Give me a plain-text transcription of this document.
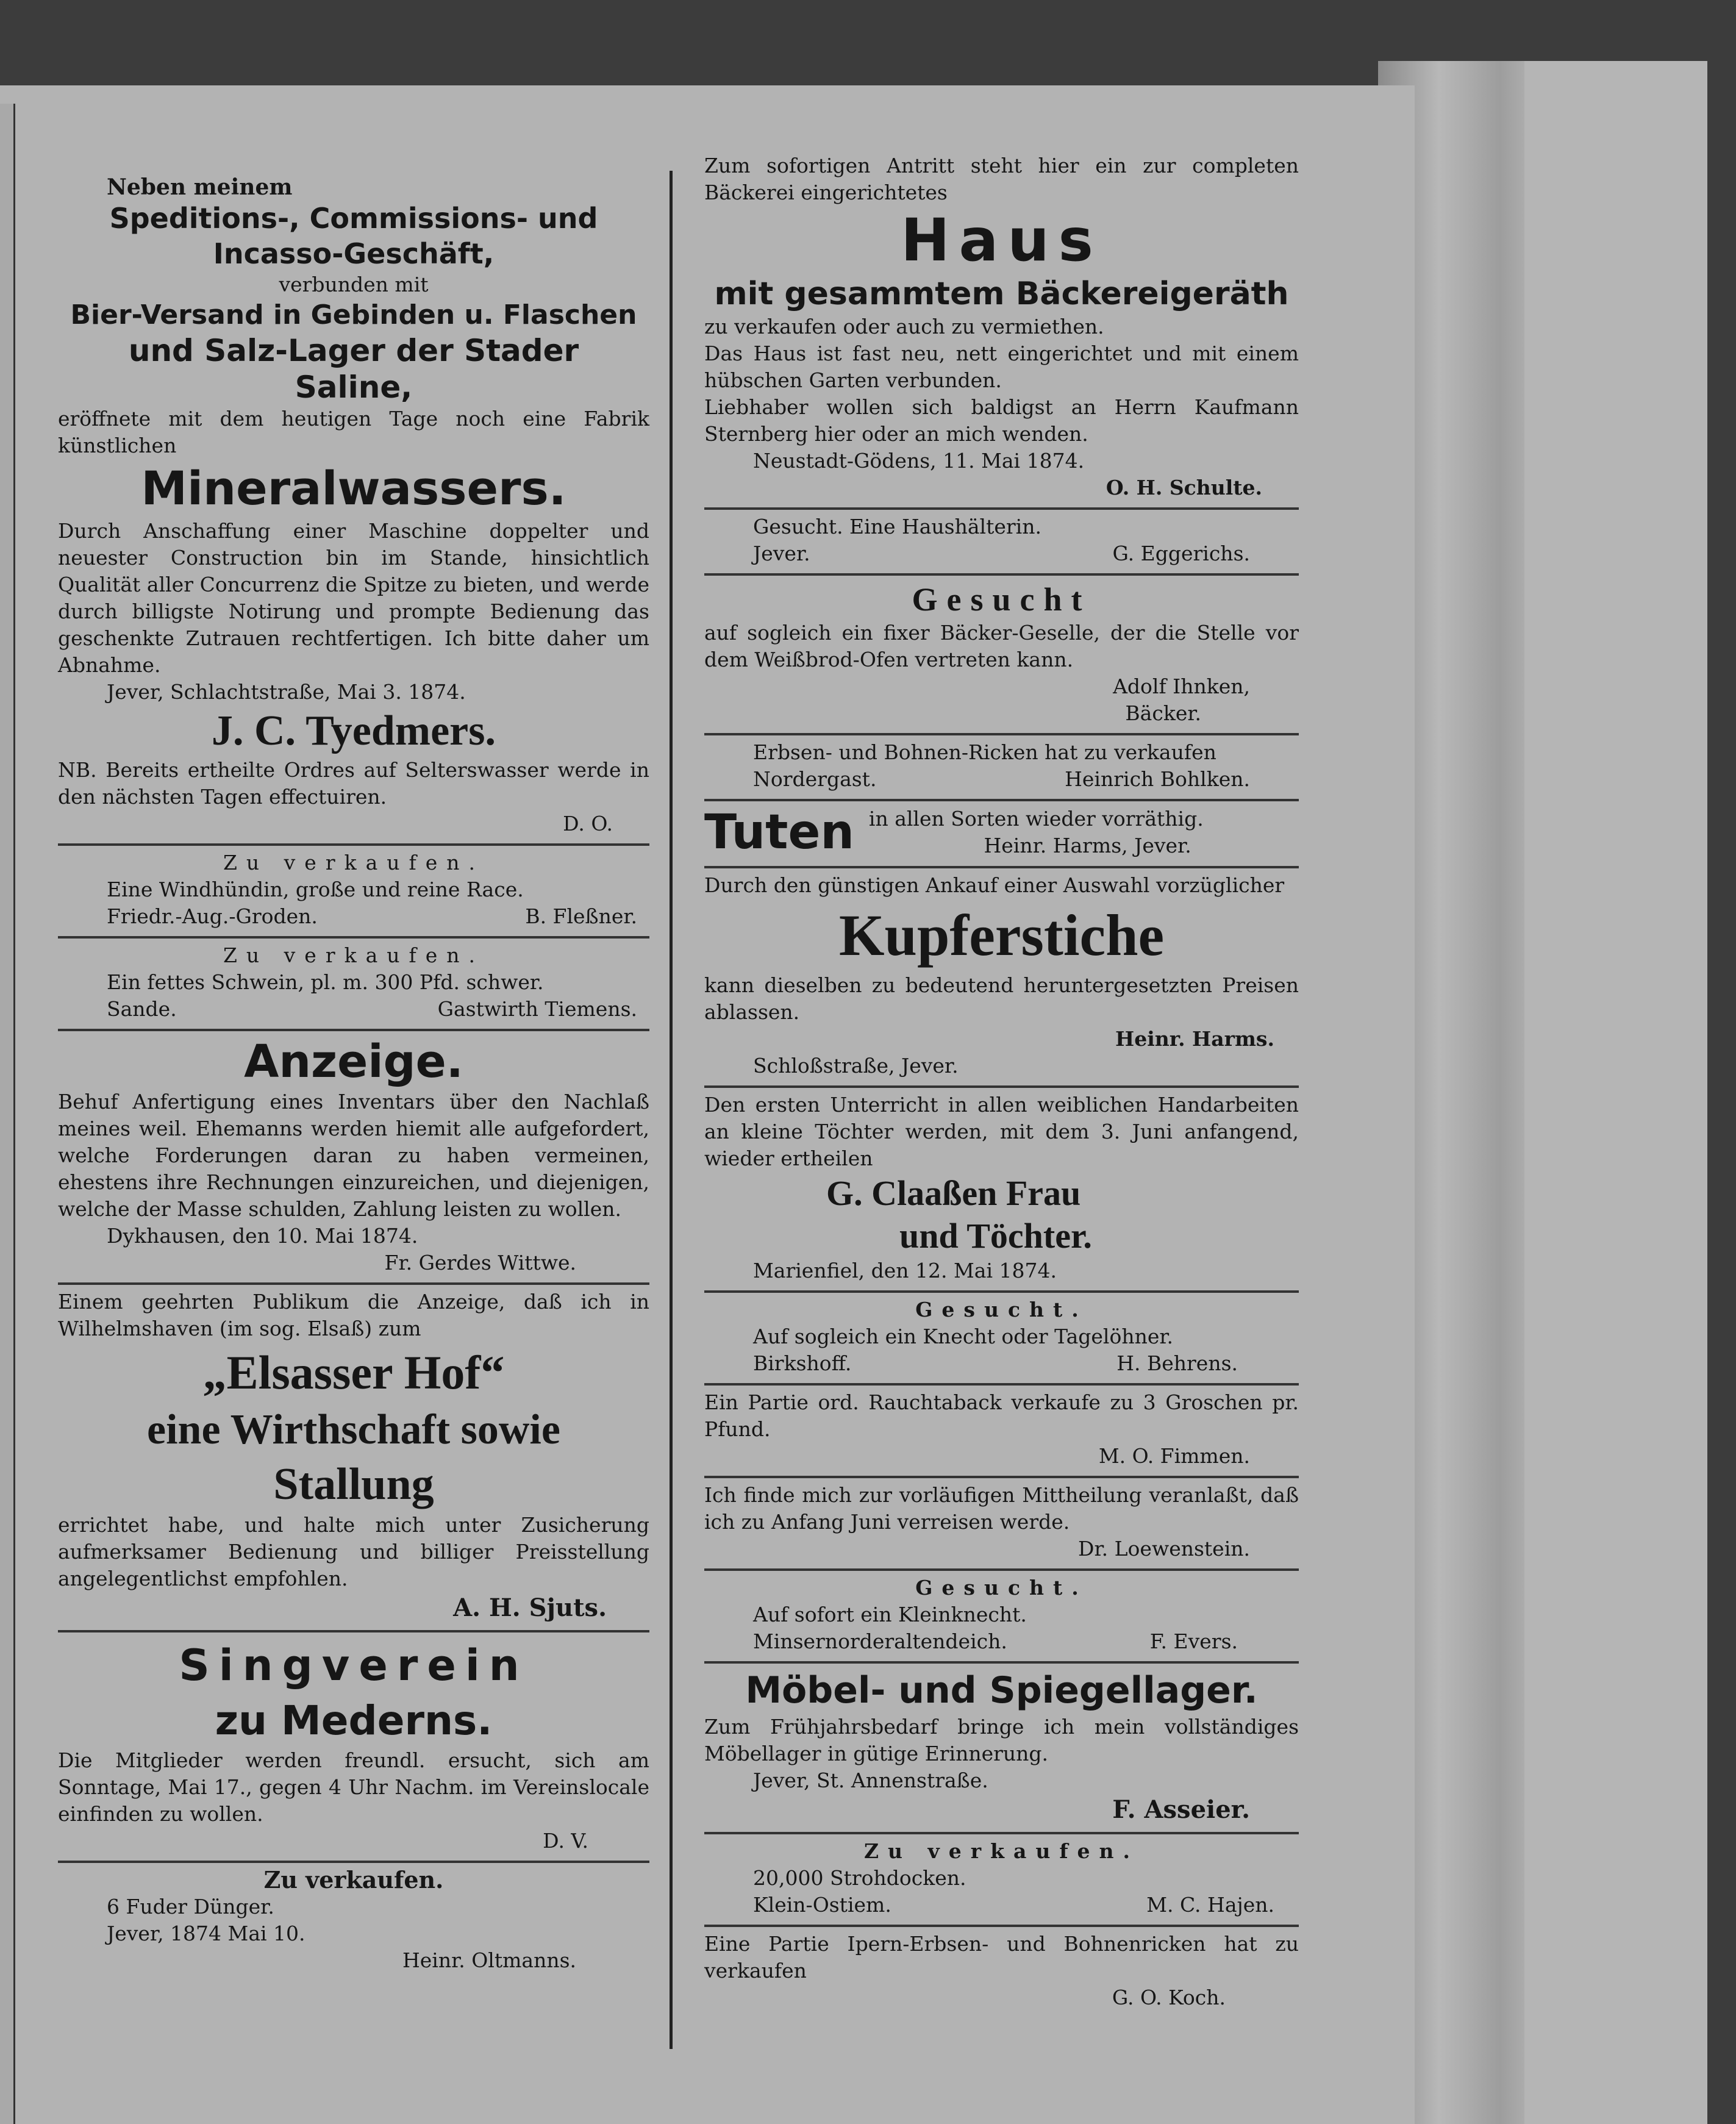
Neben meinem

Speditions-, Commissions- und

Incasso-Geschäft,

verbunden mit

Bier-Versand in Gebinden u. Flaschen

und Salz-Lager der Stader

Saline,

eröffnete mit dem heutigen Tage noch eine Fabrik künstlichen

Mineralwassers.

Durch Anschaffung einer Maschine doppelter und neuester Construction bin im Stande, hinsichtlich Qualität aller Concurrenz die Spitze zu bieten, und werde durch billigste Notirung und prompte Bedienung das geschenkte Zutrauen rechtfertigen. Ich bitte daher um Abnahme.

Jever, Schlachtstraße, Mai 3. 1874.

J. C. Tyedmers.

NB. Bereits ertheilte Ordres auf Selterswasser werde in den nächsten Tagen effectuiren.

D. O.

Zu verkaufen.

Eine Windhündin, große und reine Race.

Friedr.-Aug.-Groden.	B. Fleßner.

Zu verkaufen.

Ein fettes Schwein, pl. m. 300 Pfd. schwer.

Sande.	Gastwirth Tiemens.

Anzeige.

Behuf Anfertigung eines Inventars über den Nachlaß meines weil. Ehemanns werden hiemit alle aufgefordert, welche Forderungen daran zu haben vermeinen, ehestens ihre Rechnungen einzureichen, und diejenigen, welche der Masse schulden, Zahlung leisten zu wollen.

Dykhausen, den 10. Mai 1874.

Fr. Gerdes Wittwe.

Einem geehrten Publikum die Anzeige, daß ich in Wilhelmshaven (im sog. Elsaß) zum

„Elsasser Hof“

eine Wirthschaft sowie

Stallung

errichtet habe, und halte mich unter Zusicherung aufmerksamer Bedienung und billiger Preisstellung angelegentlichst empfohlen.

A. H. Sjuts.

Singverein

zu Mederns.

Die Mitglieder werden freundl. ersucht, sich am Sonntage, Mai 17., gegen 4 Uhr Nachm. im Vereinslocale einfinden zu wollen.

D. V.

Zu verkaufen.

6 Fuder Dünger.

Jever, 1874 Mai 10.

Heinr. Oltmanns.

Zum sofortigen Antritt steht hier ein zur completen Bäckerei eingerichtetes

Haus

mit gesammtem Bäckereigeräth

zu verkaufen oder auch zu vermiethen.

Das Haus ist fast neu, nett eingerichtet und mit einem hübschen Garten verbunden.

Liebhaber wollen sich baldigst an Herrn Kaufmann Sternberg hier oder an mich wenden.

Neustadt-Gödens, 11. Mai 1874.

O. H. Schulte.

Gesucht. Eine Haushälterin.

Jever.	G. Eggerichs.

Gesucht

auf sogleich ein fixer Bäcker-Geselle, der die Stelle vor dem Weißbrod-Ofen vertreten kann.

Adolf Ihnken,

Bäcker.

Erbsen- und Bohnen-Ricken hat zu verkaufen

Nordergast.	Heinrich Bohlken.
Tuten in allen Sorten wieder vorräthig.

Heinr. Harms, Jever.

Durch den günstigen Ankauf einer Auswahl vorzüglicher

Kupferstiche

kann dieselben zu bedeutend heruntergesetzten Preisen ablassen.

Heinr. Harms.

Schloßstraße, Jever.

Den ersten Unterricht in allen weiblichen Handarbeiten an kleine Töchter werden, mit dem 3. Juni anfangend, wieder ertheilen

G. Claaßen Frau

und Töchter.

Marienfiel, den 12. Mai 1874.

Gesucht.

Auf sogleich ein Knecht oder Tagelöhner.

Birkshoff.	H. Behrens.

Ein Partie ord. Rauchtaback verkaufe zu 3 Groschen pr. Pfund.

M. O. Fimmen.

Ich finde mich zur vorläufigen Mittheilung veranlaßt, daß ich zu Anfang Juni verreisen werde.

Dr. Loewenstein.

Gesucht.

Auf sofort ein Kleinknecht.

Minsernorderaltendeich.	F. Evers.

Möbel- und Spiegellager.

Zum Frühjahrsbedarf bringe ich mein vollständiges Möbellager in gütige Erinnerung.

Jever, St. Annenstraße.

F. Asseier.

Zu verkaufen.

20,000 Strohdocken.

Klein-Ostiem.	M. C. Hajen.

Eine Partie Ipern-Erbsen- und Bohnenricken hat zu verkaufen

G. O. Koch.
